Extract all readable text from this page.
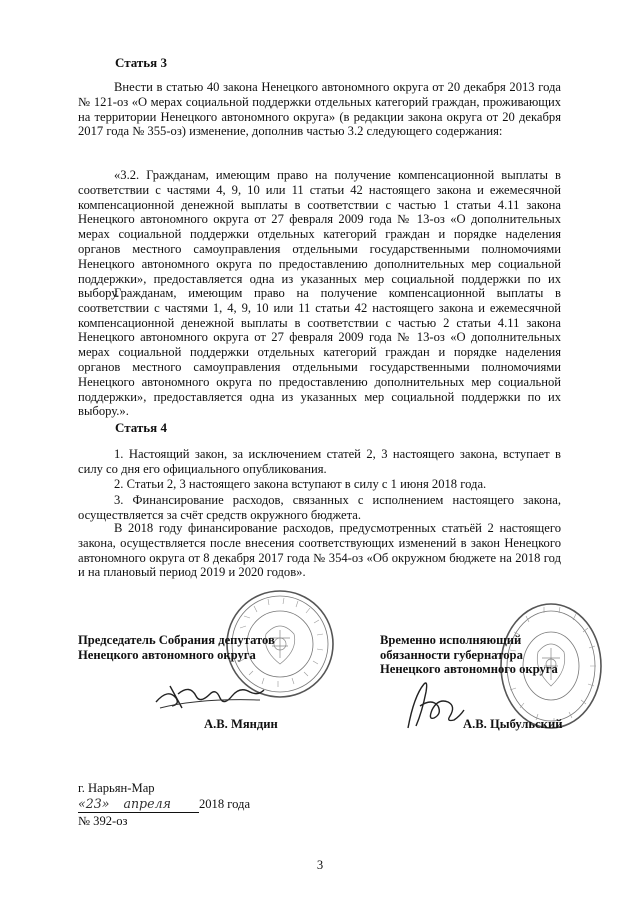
Статья 3
Внести в статью 40 закона Ненецкого автономного округа от 20 декабря 2013 года № 121-оз «О мерах социальной поддержки отдельных категорий граждан, проживающих на территории Ненецкого автономного округа» (в редакции закона округа от 20 декабря 2017 года № 355-оз) изменение, дополнив частью 3.2 следующего содержания:
«3.2. Гражданам, имеющим право на получение компенсационной выплаты в соответствии с частями 4, 9, 10 или 11 статьи 42 настоящего закона и ежемесячной компенсационной денежной выплаты в соответствии с частью 1 статьи 4.11 закона Ненецкого автономного округа от 27 февраля 2009 года № 13-оз «О дополнительных мерах социальной поддержки отдельных категорий граждан и порядке наделения органов местного самоуправления отдельными государственными полномочиями Ненецкого автономного округа по предоставлению дополнительных мер социальной поддержки», предоставляется одна из указанных мер социальной поддержки по их выбору.
Гражданам, имеющим право на получение компенсационной выплаты в соответствии с частями 1, 4, 9, 10 или 11 статьи 42 настоящего закона и ежемесячной компенсационной денежной выплаты в соответствии с частью 2 статьи 4.11 закона Ненецкого автономного округа от 27 февраля 2009 года № 13-оз «О дополнительных мерах социальной поддержки отдельных категорий граждан и порядке наделения органов местного самоуправления отдельными государственными полномочиями Ненецкого автономного округа по предоставлению дополнительных мер социальной поддержки», предоставляется одна из указанных мер социальной поддержки по их выбору.».
Статья 4
1. Настоящий закон, за исключением статей 2, 3 настоящего закона, вступает в силу со дня его официального опубликования.
2. Статьи 2, 3 настоящего закона вступают в силу с 1 июня 2018 года.
3. Финансирование расходов, связанных с исполнением настоящего закона, осуществляется за счёт средств окружного бюджета.
В 2018 году финансирование расходов, предусмотренных статьёй 2 настоящего закона, осуществляется после внесения соответствующих изменений в закон Ненецкого автономного округа от 8 декабря 2017 года № 354-оз «Об окружном бюджете на 2018 год и на плановый период 2019 и 2020 годов».
Председатель Собрания депутатов
Ненецкого автономного округа
А.В. Мяндин
Временно исполняющий
обязанности губернатора
Ненецкого автономного округа
А.В. Цыбульский
г. Нарьян-Мар
«23» апреля 2018 года
№ 392-оз
3
